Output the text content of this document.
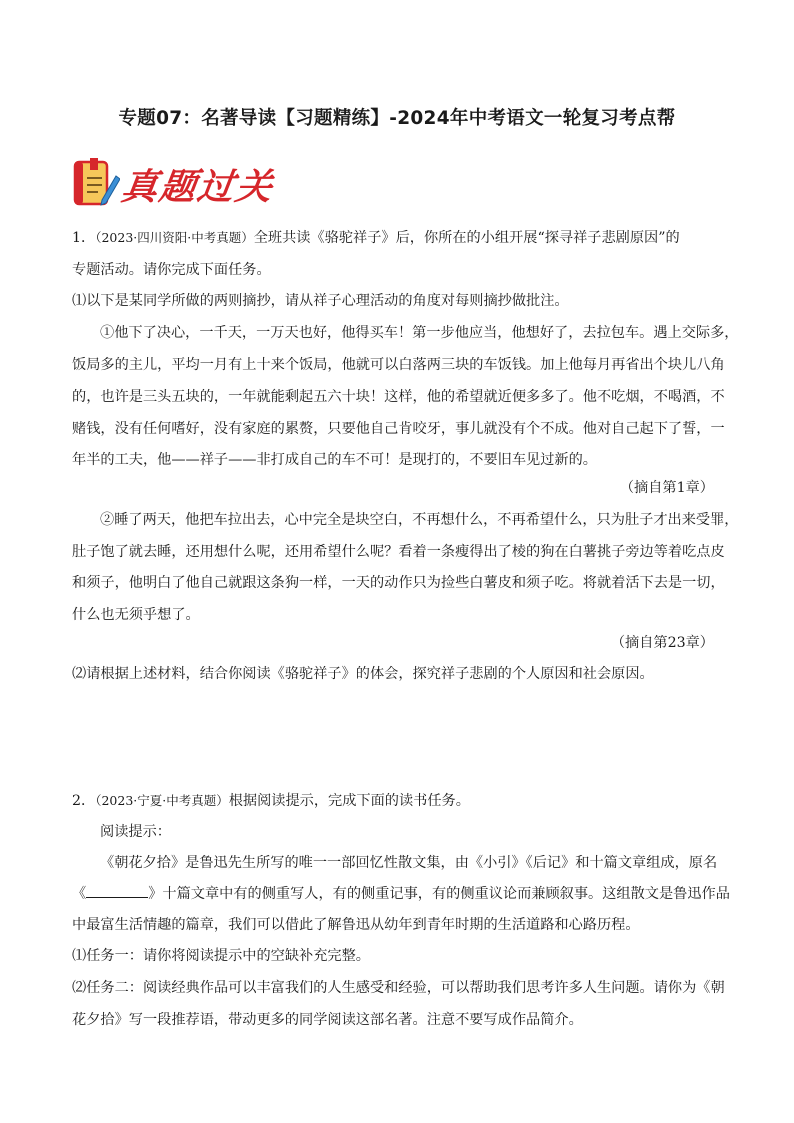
专题07：名著导读【习题精练】-2024年中考语文一轮复习考点帮
真题过关
1．（2023·四川资阳·中考真题）全班共读《骆驼祥子》后，你所在的小组开展“探寻祥子悲剧原因”的
专题活动。请你完成下面任务。
⑴以下是某同学所做的两则摘抄，请从祥子心理活动的角度对每则摘抄做批注。
①他下了决心，一千天，一万天也好，他得买车！第一步他应当，他想好了，去拉包车。遇上交际多，
饭局多的主儿，平均一月有上十来个饭局，他就可以白落两三块的车饭钱。加上他每月再省出个块儿八角
的，也许是三头五块的，一年就能剩起五六十块！这样，他的希望就近便多多了。他不吃烟，不喝酒，不
赌钱，没有任何嗜好，没有家庭的累赘，只要他自己肯咬牙，事儿就没有个不成。他对自己起下了誓，一
年半的工夫，他——祥子——非打成自己的车不可！是现打的，不要旧车见过新的。
（摘自第1章）
②睡了两天，他把车拉出去，心中完全是块空白，不再想什么，不再希望什么，只为肚子才出来受罪，
肚子饱了就去睡，还用想什么呢，还用希望什么呢？看着一条瘦得出了棱的狗在白薯挑子旁边等着吃点皮
和须子，他明白了他自己就跟这条狗一样，一天的动作只为捡些白薯皮和须子吃。将就着活下去是一切，
什么也无须乎想了。
（摘自第23章）
⑵请根据上述材料，结合你阅读《骆驼祥子》的体会，探究祥子悲剧的个人原因和社会原因。
2．（2023·宁夏·中考真题）根据阅读提示，完成下面的读书任务。
阅读提示：
《朝花夕拾》是鲁迅先生所写的唯一一部回忆性散文集，由《小引》《后记》和十篇文章组成，原名
《	》十篇文章中有的侧重写人，有的侧重记事，有的侧重议论而兼顾叙事。这组散文是鲁迅作品
中最富生活情趣的篇章，我们可以借此了解鲁迅从幼年到青年时期的生活道路和心路历程。
⑴任务一：请你将阅读提示中的空缺补充完整。
⑵任务二：阅读经典作品可以丰富我们的人生感受和经验，可以帮助我们思考许多人生问题。请你为《朝
花夕拾》写一段推荐语，带动更多的同学阅读这部名著。注意不要写成作品简介。
